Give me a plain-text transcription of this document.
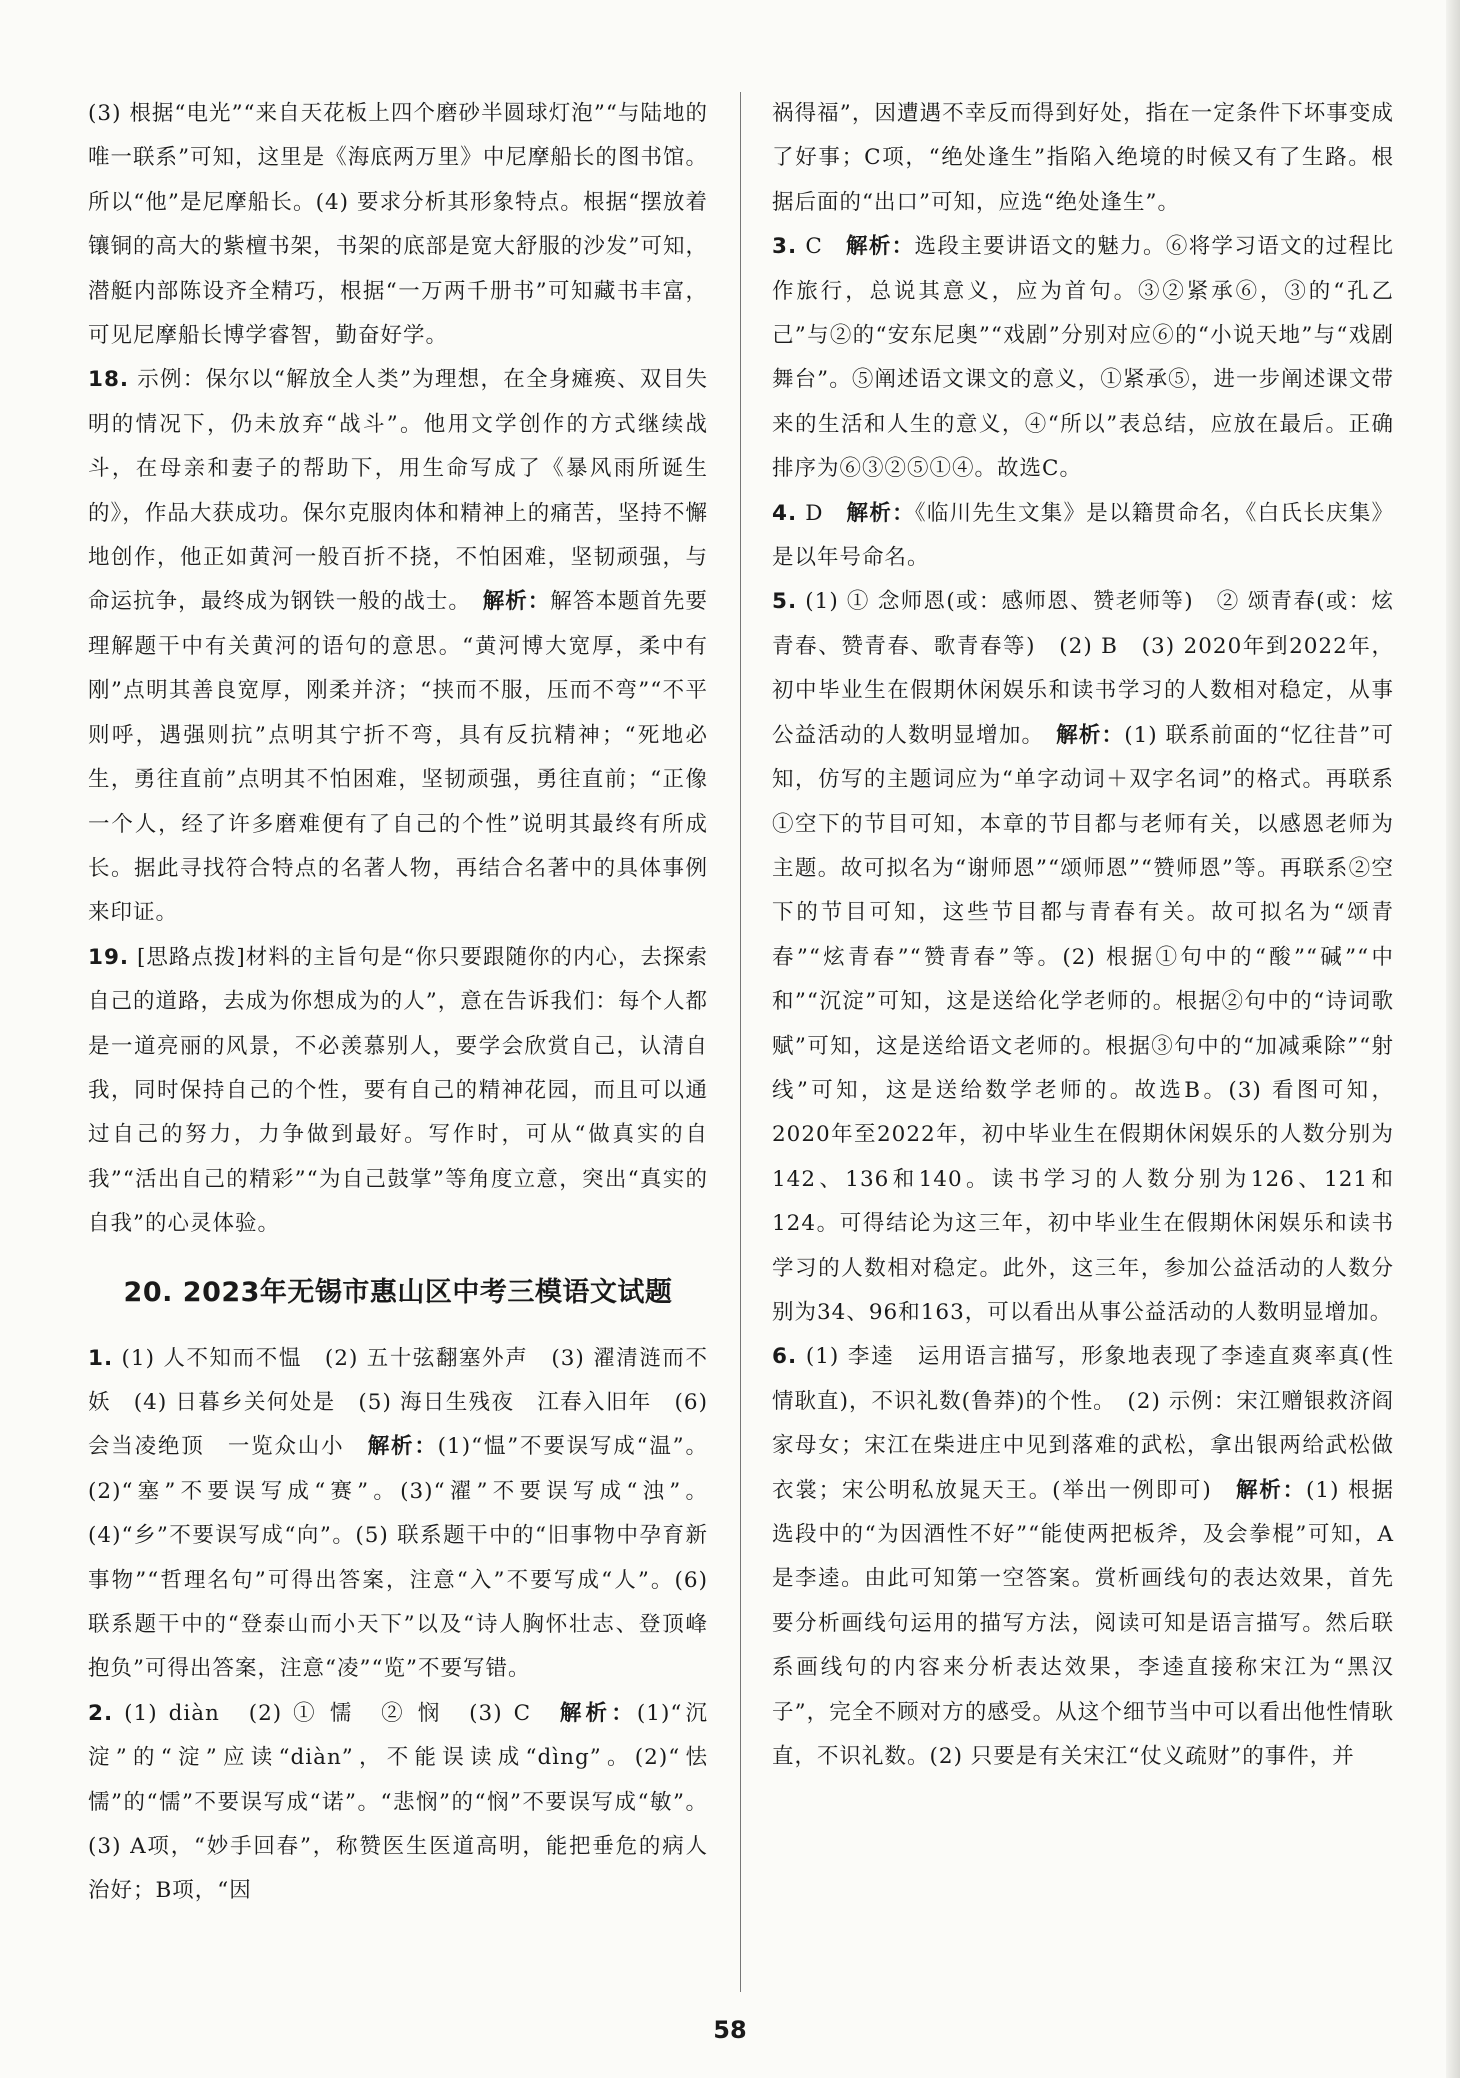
(3) 根据“电光”“来自天花板上四个磨砂半圆球灯泡”“与陆地的唯一联系”可知，这里是《海底两万里》中尼摩船长的图书馆。所以“他”是尼摩船长。(4) 要求分析其形象特点。根据“摆放着镶铜的高大的紫檀书架，书架的底部是宽大舒服的沙发”可知，潜艇内部陈设齐全精巧，根据“一万两千册书”可知藏书丰富，可见尼摩船长博学睿智，勤奋好学。

18. 示例：保尔以“解放全人类”为理想，在全身瘫痪、双目失明的情况下，仍未放弃“战斗”。他用文学创作的方式继续战斗，在母亲和妻子的帮助下，用生命写成了《暴风雨所诞生的》，作品大获成功。保尔克服肉体和精神上的痛苦，坚持不懈地创作，他正如黄河一般百折不挠，不怕困难，坚韧顽强，与命运抗争，最终成为钢铁一般的战士。　 解析：解答本题首先要理解题干中有关黄河的语句的意思。“黄河博大宽厚，柔中有刚”点明其善良宽厚，刚柔并济；“挟而不服，压而不弯”“不平则呼，遇强则抗”点明其宁折不弯，具有反抗精神；“死地必生，勇往直前”点明其不怕困难，坚韧顽强，勇往直前；“正像一个人，经了许多磨难便有了自己的个性”说明其最终有所成长。据此寻找符合特点的名著人物，再结合名著中的具体事例来印证。

19. [思路点拨]材料的主旨句是“你只要跟随你的内心，去探索自己的道路，去成为你想成为的人”，意在告诉我们：每个人都是一道亮丽的风景，不必羡慕别人，要学会欣赏自己，认清自我，同时保持自己的个性，要有自己的精神花园，而且可以通过自己的努力，力争做到最好。写作时，可从“做真实的自我”“活出自己的精彩”“为自己鼓掌”等角度立意，突出“真实的自我”的心灵体验。

20. 2023年无锡市惠山区中考三模语文试题

1. (1) 人不知而不愠　(2) 五十弦翻塞外声　(3) 濯清涟而不妖　(4) 日暮乡关何处是　(5) 海日生残夜　江春入旧年　(6) 会当凌绝顶　一览众山小　 解析：(1)“愠”不要误写成“温”。(2)“塞”不要误写成“赛”。(3)“濯”不要误写成“浊”。(4)“乡”不要误写成“向”。(5) 联系题干中的“旧事物中孕育新事物”“哲理名句”可得出答案，注意“入”不要写成“人”。(6) 联系题干中的“登泰山而小天下”以及“诗人胸怀壮志、登顶峰抱负”可得出答案，注意“凌”“览”不要写错。

2. (1) diàn　(2) ① 懦　② 悯　(3) C　 解析：(1)“沉淀”的“淀”应读“diàn”，不能误读成“dìng”。(2)“怯懦”的“懦”不要误写成“诺”。“悲悯”的“悯”不要误写成“敏”。(3) A项，“妙手回春”，称赞医生医道高明，能把垂危的病人治好；B项，“因

祸得福”，因遭遇不幸反而得到好处，指在一定条件下坏事变成了好事；C项，“绝处逢生”指陷入绝境的时候又有了生路。根据后面的“出口”可知，应选“绝处逢生”。

3. C　 解析：选段主要讲语文的魅力。⑥将学习语文的过程比作旅行，总说其意义，应为首句。③②紧承⑥，③的“孔乙己”与②的“安东尼奥”“戏剧”分别对应⑥的“小说天地”与“戏剧舞台”。⑤阐述语文课文的意义，①紧承⑤，进一步阐述课文带来的生活和人生的意义，④“所以”表总结，应放在最后。正确排序为⑥③②⑤①④。故选C。

4. D　 解析：《临川先生文集》是以籍贯命名，《白氏长庆集》是以年号命名。

5. (1) ① 念师恩(或：感师恩、赞老师等)　② 颂青春(或：炫青春、赞青春、歌青春等)　(2) B　(3) 2020年到2022年，初中毕业生在假期休闲娱乐和读书学习的人数相对稳定，从事公益活动的人数明显增加。　 解析：(1) 联系前面的“忆往昔”可知，仿写的主题词应为“单字动词＋双字名词”的格式。再联系①空下的节目可知，本章的节目都与老师有关，以感恩老师为主题。故可拟名为“谢师恩”“颂师恩”“赞师恩”等。再联系②空下的节目可知，这些节目都与青春有关。故可拟名为“颂青春”“炫青春”“赞青春”等。(2) 根据①句中的“酸”“碱”“中和”“沉淀”可知，这是送给化学老师的。根据②句中的“诗词歌赋”可知，这是送给语文老师的。根据③句中的“加减乘除”“射线”可知，这是送给数学老师的。故选B。(3) 看图可知，2020年至2022年，初中毕业生在假期休闲娱乐的人数分别为142、136和140。读书学习的人数分别为126、121和124。可得结论为这三年，初中毕业生在假期休闲娱乐和读书学习的人数相对稳定。此外，这三年，参加公益活动的人数分别为34、96和163，可以看出从事公益活动的人数明显增加。

6. (1) 李逵　运用语言描写，形象地表现了李逵直爽率真(性情耿直)，不识礼数(鲁莽)的个性。　(2) 示例：宋江赠银救济阎家母女；宋江在柴进庄中见到落难的武松，拿出银两给武松做衣裳；宋公明私放晁天王。(举出一例即可)　 解析：(1) 根据选段中的“为因酒性不好”“能使两把板斧，及会拳棍”可知，A是李逵。由此可知第一空答案。赏析画线句的表达效果，首先要分析画线句运用的描写方法，阅读可知是语言描写。然后联系画线句的内容来分析表达效果，李逵直接称宋江为“黑汉子”，完全不顾对方的感受。从这个细节当中可以看出他性情耿直，不识礼数。(2) 只要是有关宋江“仗义疏财”的事件，并

58
